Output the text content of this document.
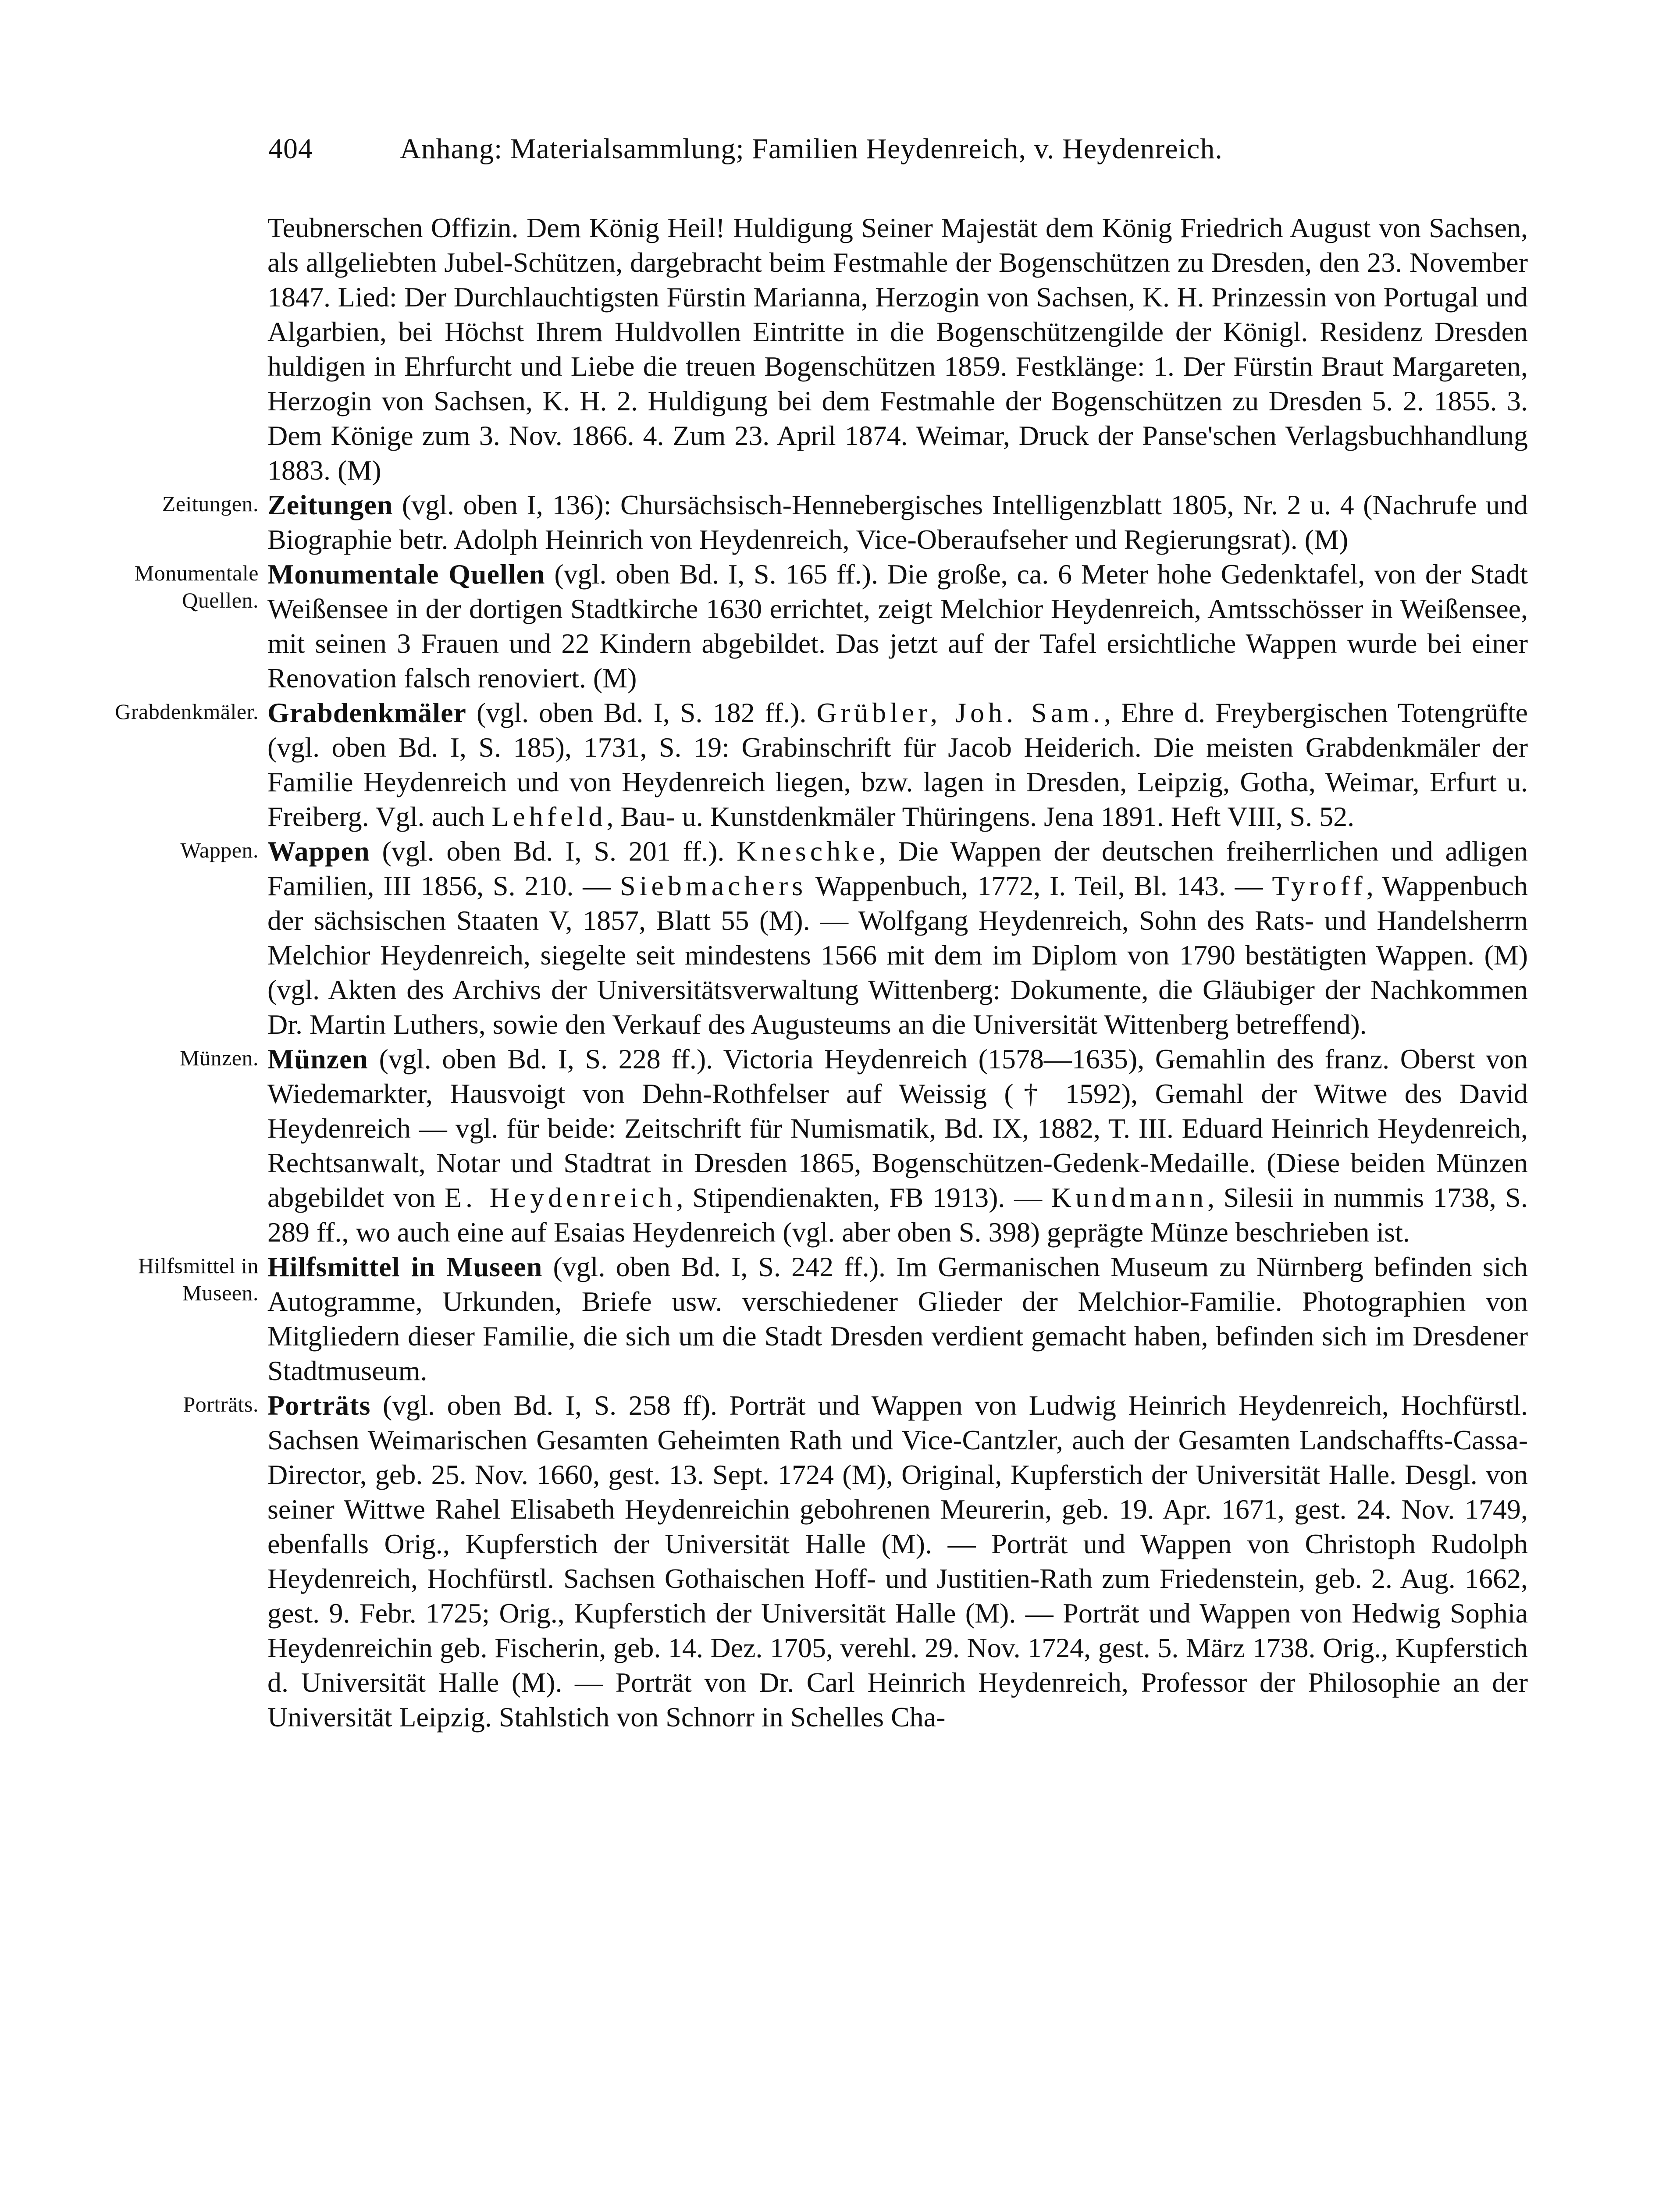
404	Anhang: Materialsammlung; Familien Heydenreich, v. Heydenreich.

Teubnerschen Offizin. Dem König Heil! Huldigung Seiner Majestät dem König Friedrich August von Sachsen, als allgeliebten Jubel-Schützen, dargebracht beim Festmahle der Bogenschützen zu Dresden, den 23. November 1847. Lied: Der Durchlauchtigsten Fürstin Marianna, Herzogin von Sachsen, K. H. Prinzessin von Portugal und Algarbien, bei Höchst Ihrem Huldvollen Eintritte in die Bogenschützengilde der Königl. Residenz Dresden huldigen in Ehrfurcht und Liebe die treuen Bogenschützen 1859. Festklänge: 1. Der Fürstin Braut Margareten, Herzogin von Sachsen, K. H. 2. Huldigung bei dem Festmahle der Bogenschützen zu Dresden 5. 2. 1855. 3. Dem Könige zum 3. Nov. 1866. 4. Zum 23. April 1874. Weimar, Druck der Panse'schen Verlagsbuchhandlung 1883. (M)

Zeitungen. Zeitungen (vgl. oben I, 136): Chursächsisch-Hennebergisches Intelligenzblatt 1805, Nr. 2 u. 4 (Nachrufe und Biographie betr. Adolph Heinrich von Heydenreich, Vice-Oberaufseher und Regierungsrat). (M)

Monumentale
Quellen.

Monumentale Quellen (vgl. oben Bd. I, S. 165 ff.). Die große, ca. 6 Meter hohe Gedenktafel, von der Stadt Weißensee in der dortigen Stadtkirche 1630 errichtet, zeigt Melchior Heydenreich, Amtsschösser in Weißensee, mit seinen 3 Frauen und 22 Kindern abgebildet. Das jetzt auf der Tafel ersichtliche Wappen wurde bei einer Renovation falsch renoviert. (M)

Grabdenkmäler. Grabdenkmäler (vgl. oben Bd. I, S. 182 ff.). Grübler, Joh. Sam., Ehre d. Freybergischen Totengrüfte (vgl. oben Bd. I, S. 185), 1731, S. 19: Grabinschrift für Jacob Heiderich. Die meisten Grabdenkmäler der Familie Heydenreich und von Heydenreich liegen, bzw. lagen in Dresden, Leipzig, Gotha, Weimar, Erfurt u. Freiberg. Vgl. auch Lehfeld, Bau- u. Kunstdenkmäler Thüringens. Jena 1891. Heft VIII, S. 52.

Wappen. Wappen (vgl. oben Bd. I, S. 201 ff.). Kneschke, Die Wappen der deutschen freiherrlichen und adligen Familien, III 1856, S. 210. — Siebmachers Wappenbuch, 1772, I. Teil, Bl. 143. — Tyroff, Wappenbuch der sächsischen Staaten V, 1857, Blatt 55 (M). — Wolfgang Heydenreich, Sohn des Rats- und Handelsherrn Melchior Heydenreich, siegelte seit mindestens 1566 mit dem im Diplom von 1790 bestätigten Wappen. (M) (vgl. Akten des Archivs der Universitätsverwaltung Wittenberg: Dokumente, die Gläubiger der Nachkommen Dr. Martin Luthers, sowie den Verkauf des Augusteums an die Universität Wittenberg betreffend).

Münzen. Münzen (vgl. oben Bd. I, S. 228 ff.). Victoria Heydenreich (1578—1635), Gemahlin des franz. Oberst von Wiedemarkter, Hausvoigt von Dehn-Rothfelser auf Weissig († 1592), Gemahl der Witwe des David Heydenreich — vgl. für beide: Zeitschrift für Numismatik, Bd. IX, 1882, T. III. Eduard Heinrich Heydenreich, Rechtsanwalt, Notar und Stadtrat in Dresden 1865, Bogenschützen-Gedenk-Medaille. (Diese beiden Münzen abgebildet von E. Heydenreich, Stipendienakten, FB 1913). — Kundmann, Silesii in nummis 1738, S. 289 ff., wo auch eine auf Esaias Heydenreich (vgl. aber oben S. 398) geprägte Münze beschrieben ist.

Hilfsmittel in
Museen.

Hilfsmittel in Museen (vgl. oben Bd. I, S. 242 ff.). Im Germanischen Museum zu Nürnberg befinden sich Autogramme, Urkunden, Briefe usw. verschiedener Glieder der Melchior-Familie. Photographien von Mitgliedern dieser Familie, die sich um die Stadt Dresden verdient gemacht haben, befinden sich im Dresdener Stadtmuseum.

Porträts. Porträts (vgl. oben Bd. I, S. 258 ff). Porträt und Wappen von Ludwig Heinrich Heydenreich, Hochfürstl. Sachsen Weimarischen Gesamten Geheimten Rath und Vice-Cantzler, auch der Gesamten Landschaffts-Cassa-Director, geb. 25. Nov. 1660, gest. 13. Sept. 1724 (M), Original, Kupferstich der Universität Halle. Desgl. von seiner Wittwe Rahel Elisabeth Heydenreichin gebohrenen Meurerin, geb. 19. Apr. 1671, gest. 24. Nov. 1749, ebenfalls Orig., Kupferstich der Universität Halle (M). — Porträt und Wappen von Christoph Rudolph Heydenreich, Hochfürstl. Sachsen Gothaischen Hoff- und Justitien-Rath zum Friedenstein, geb. 2. Aug. 1662, gest. 9. Febr. 1725; Orig., Kupferstich der Universität Halle (M). — Porträt und Wappen von Hedwig Sophia Heydenreichin geb. Fischerin, geb. 14. Dez. 1705, verehl. 29. Nov. 1724, gest. 5. März 1738. Orig., Kupferstich d. Universität Halle (M). — Porträt von Dr. Carl Heinrich Heydenreich, Professor der Philosophie an der Universität Leipzig. Stahlstich von Schnorr in Schelles Cha-
